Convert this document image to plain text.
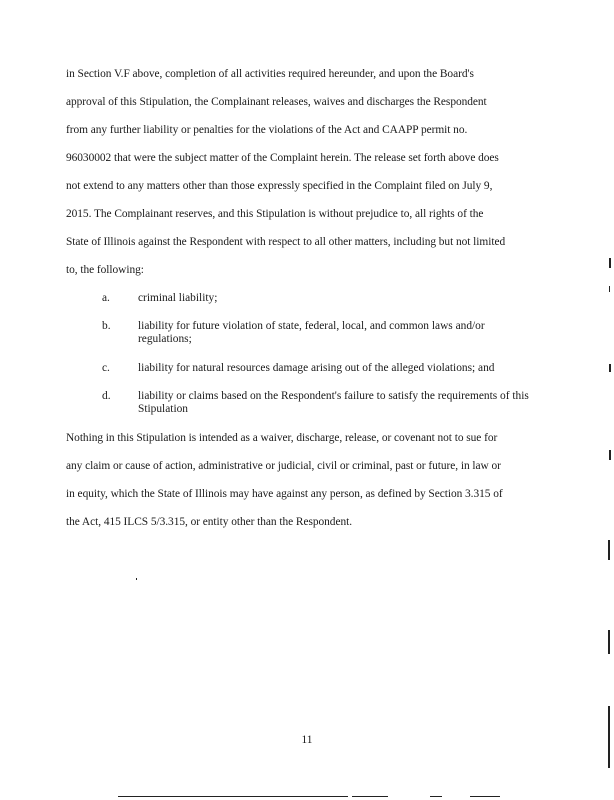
in Section V.F above, completion of all activities required hereunder, and upon the Board's
approval of this Stipulation, the Complainant releases, waives and discharges the Respondent
from any further liability or penalties for the violations of the Act and CAAPP permit no.
96030002 that were the subject matter of the Complaint herein. The release set forth above does
not extend to any matters other than those expressly specified in the Complaint filed on July 9,
2015. The Complainant reserves, and this Stipulation is without prejudice to, all rights of the
State of Illinois against the Respondent with respect to all other matters, including but not limited
to, the following:
a. criminal liability;
b. liability for future violation of state, federal, local, and common laws and/or regulations;
c. liability for natural resources damage arising out of the alleged violations; and
d. liability or claims based on the Respondent's failure to satisfy the requirements of this Stipulation
Nothing in this Stipulation is intended as a waiver, discharge, release, or covenant not to sue for
any claim or cause of action, administrative or judicial, civil or criminal, past or future, in law or
in equity, which the State of Illinois may have against any person, as defined by Section 3.315 of
the Act, 415 ILCS 5/3.315, or entity other than the Respondent.
11
